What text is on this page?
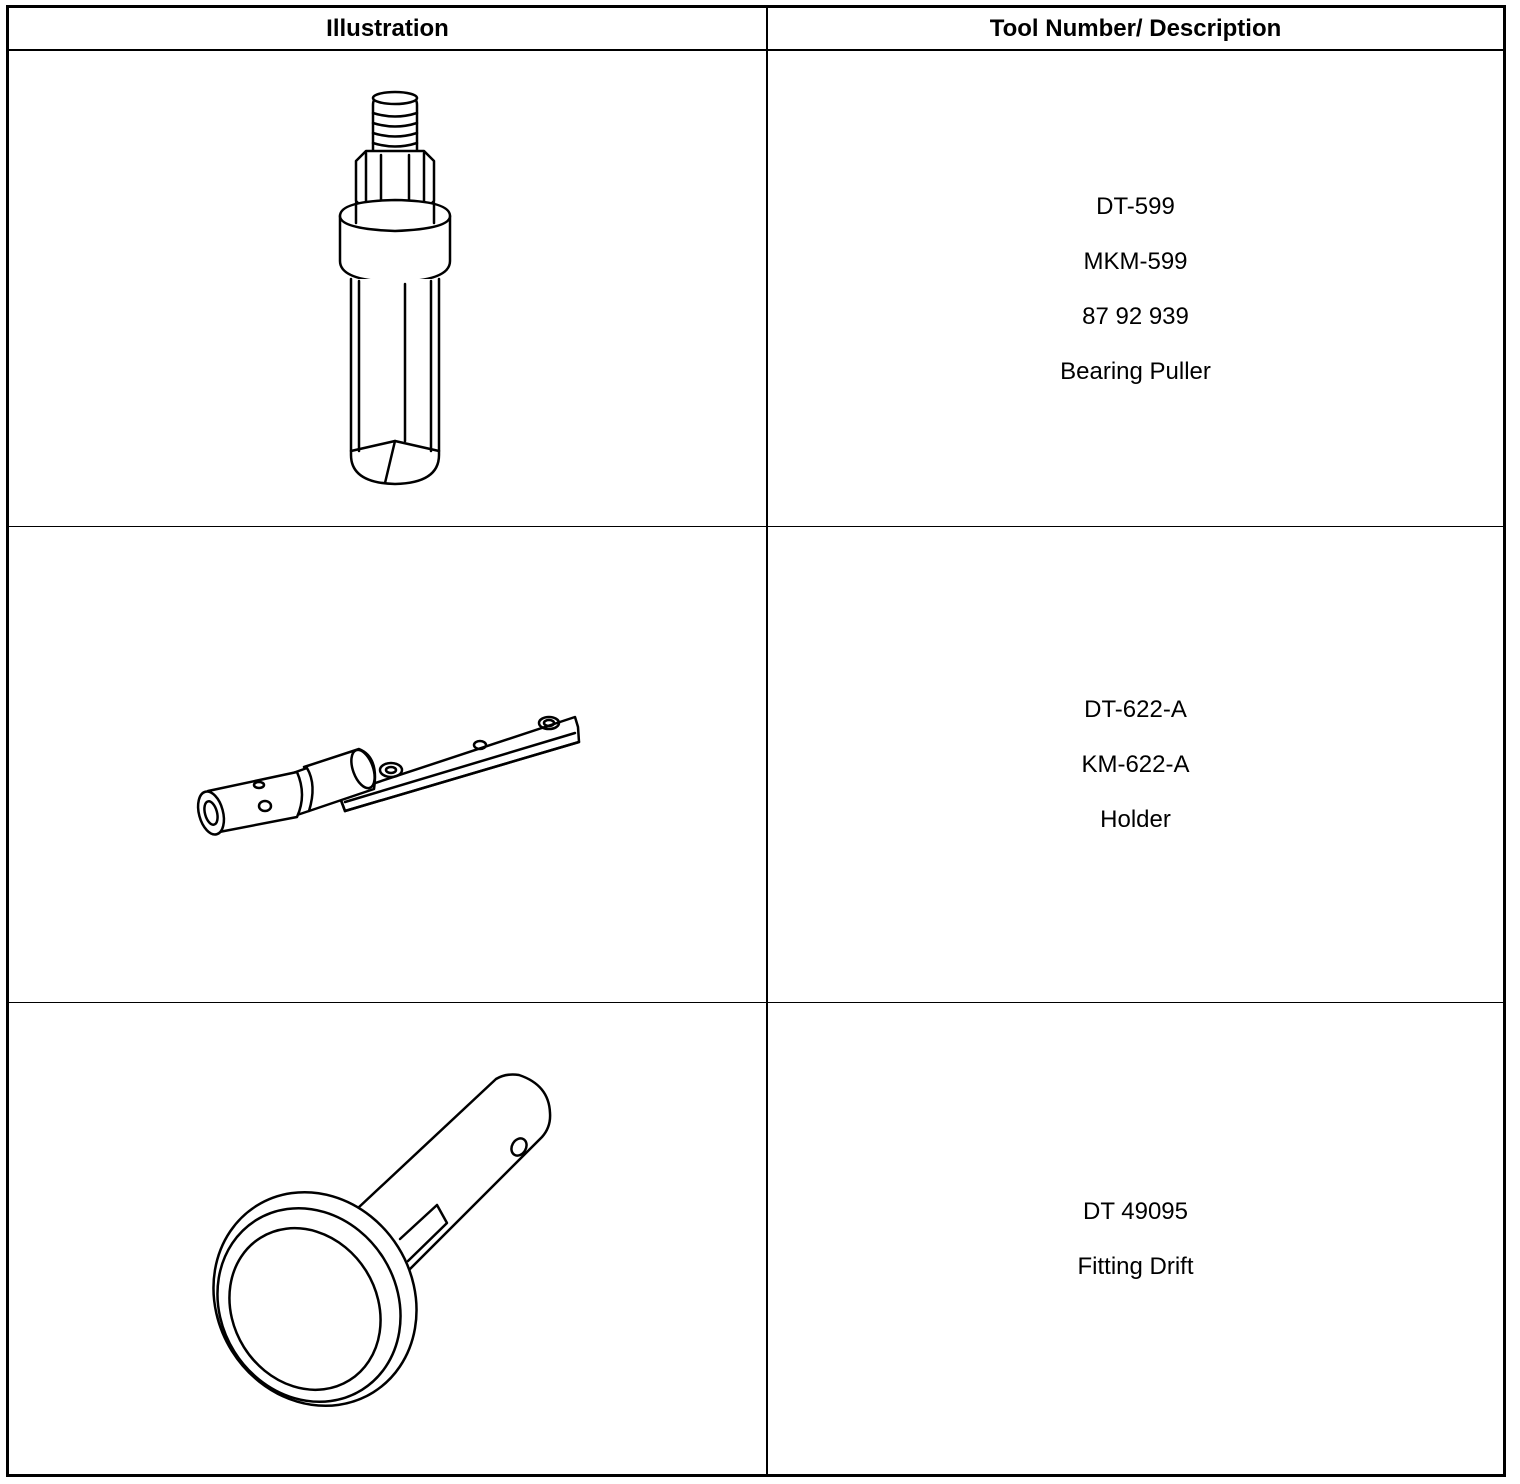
Illustration	Tool Number/ Description
DT-599
MKM-599
87 92 939
Bearing Puller
DT-622-A
KM-622-A
Holder
DT 49095
Fitting Drift
